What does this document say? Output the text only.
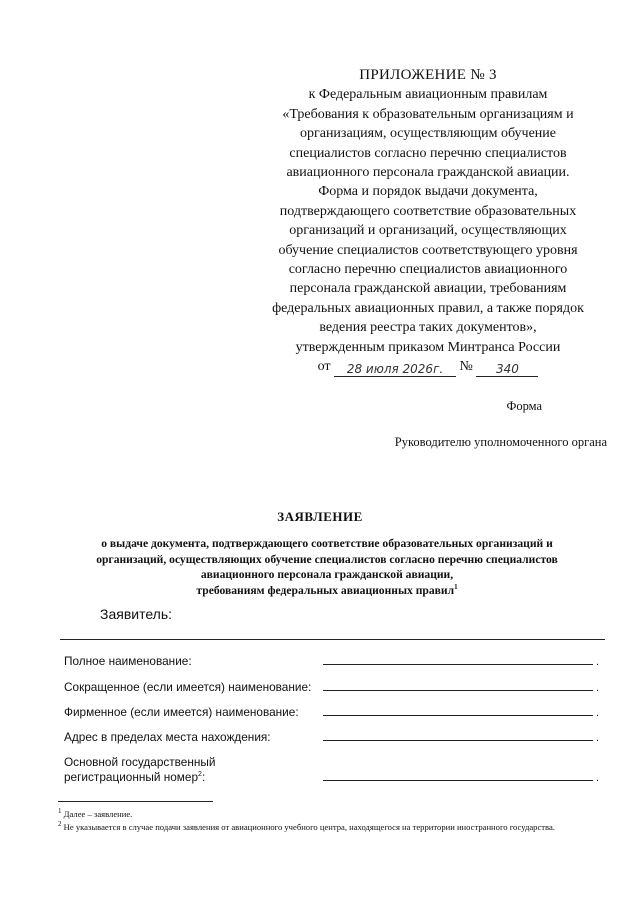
ПРИЛОЖЕНИЕ № 3
к Федеральным авиационным правилам
«Требования к образовательным организациям и
организациям, осуществляющим обучение
специалистов согласно перечню специалистов
авиационного персонала гражданской авиации.
Форма и порядок выдачи документа,
подтверждающего соответствие образовательных
организаций и организаций, осуществляющих
обучение специалистов соответствующего уровня
согласно перечню специалистов авиационного
персонала гражданской авиации, требованиям
федеральных авиационных правил, а также порядок
ведения реестра таких документов»,
утвержденным приказом Минтранса России
от 28 июля 2026г. № 340
Форма
Руководителю уполномоченного органа
ЗАЯВЛЕНИЕ
о выдаче документа, подтверждающего соответствие образовательных организаций и
организаций, осуществляющих обучение специалистов согласно перечню специалистов
авиационного персонала гражданской авиации,
требованиям федеральных авиационных правил$^1$
Заявитель:
Полное наименование:	.
Сокращенное (если имеется) наименование:	.
Фирменное (если имеется) наименование:	.
Адрес в пределах места нахождения:	.
Основной государственный
регистрационный номер$^2$:	.
$^1$ Далее – заявление.
$^2$ Не указывается в случае подачи заявления от авиационного учебного центра, находящегося на территории иностранного государства.
